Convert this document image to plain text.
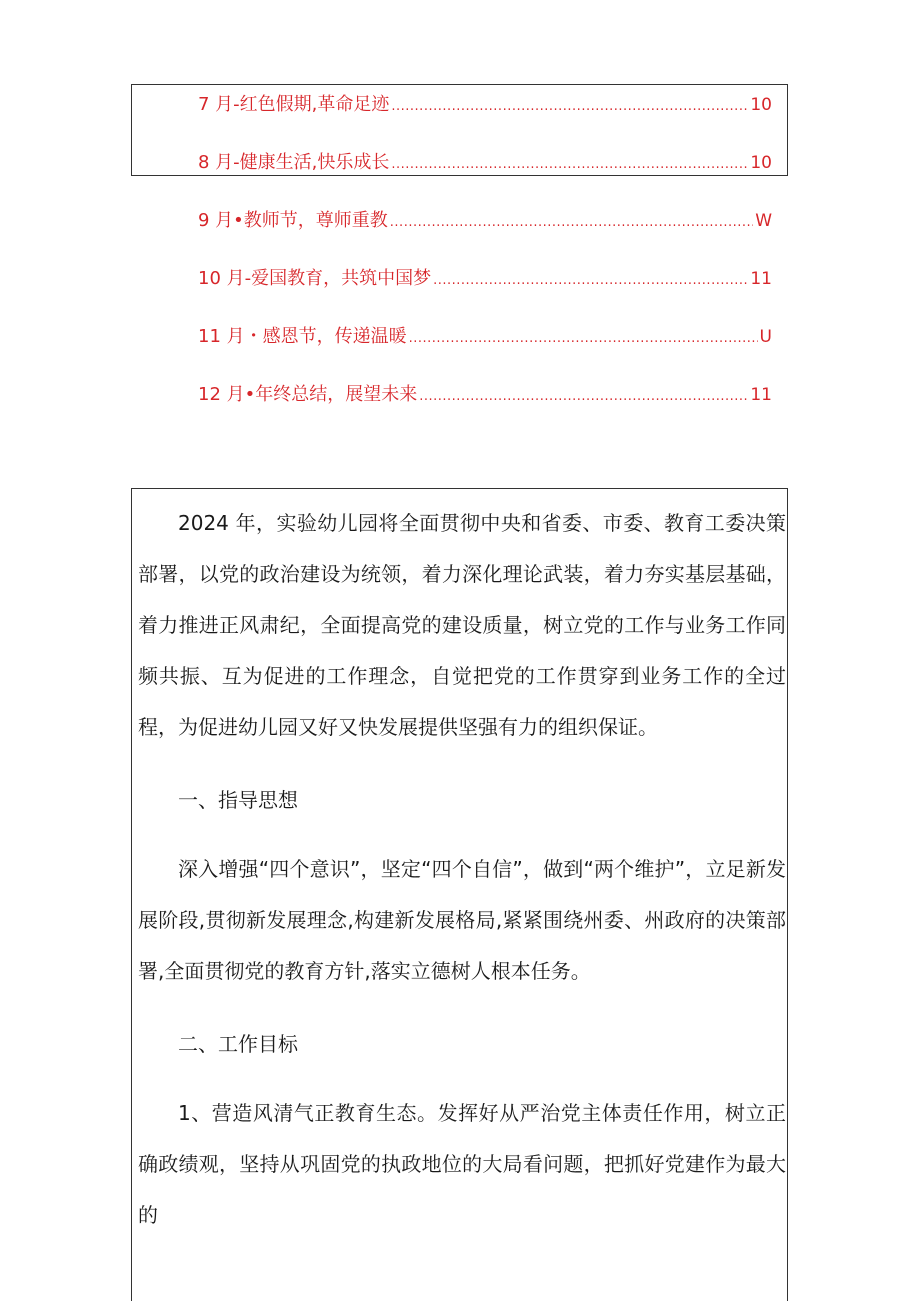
7 月-红色假期,革命足迹 .....	10
8 月-健康生活,快乐成长 .....	10
9 月•教师节，尊师重教 .....	W
10 月-爱国教育，共筑中国梦 .....	11
11 月・感恩节，传递温暖 .....	U
12 月•年终总结，展望未来 .....	11

2024 年，实验幼儿园将全面贯彻中央和省委、市委、教育工委决策部署，以党的政治建设为统领，着力深化理论武装，着力夯实基层基础，着力推进正风肃纪，全面提高党的建设质量，树立党的工作与业务工作同频共振、互为促进的工作理念，自觉把党的工作贯穿到业务工作的全过程，为促进幼儿园又好又快发展提供坚强有力的组织保证。

一、指导思想

深入增强“四个意识”，坚定“四个自信”，做到“两个维护”，立足新发展阶段,贯彻新发展理念,构建新发展格局,紧紧围绕州委、州政府的决策部署,全面贯彻党的教育方针,落实立德树人根本任务。

二、工作目标

1、营造风清气正教育生态。发挥好从严治党主体责任作用，树立正确政绩观，坚持从巩固党的执政地位的大局看问题，把抓好党建作为最大的
